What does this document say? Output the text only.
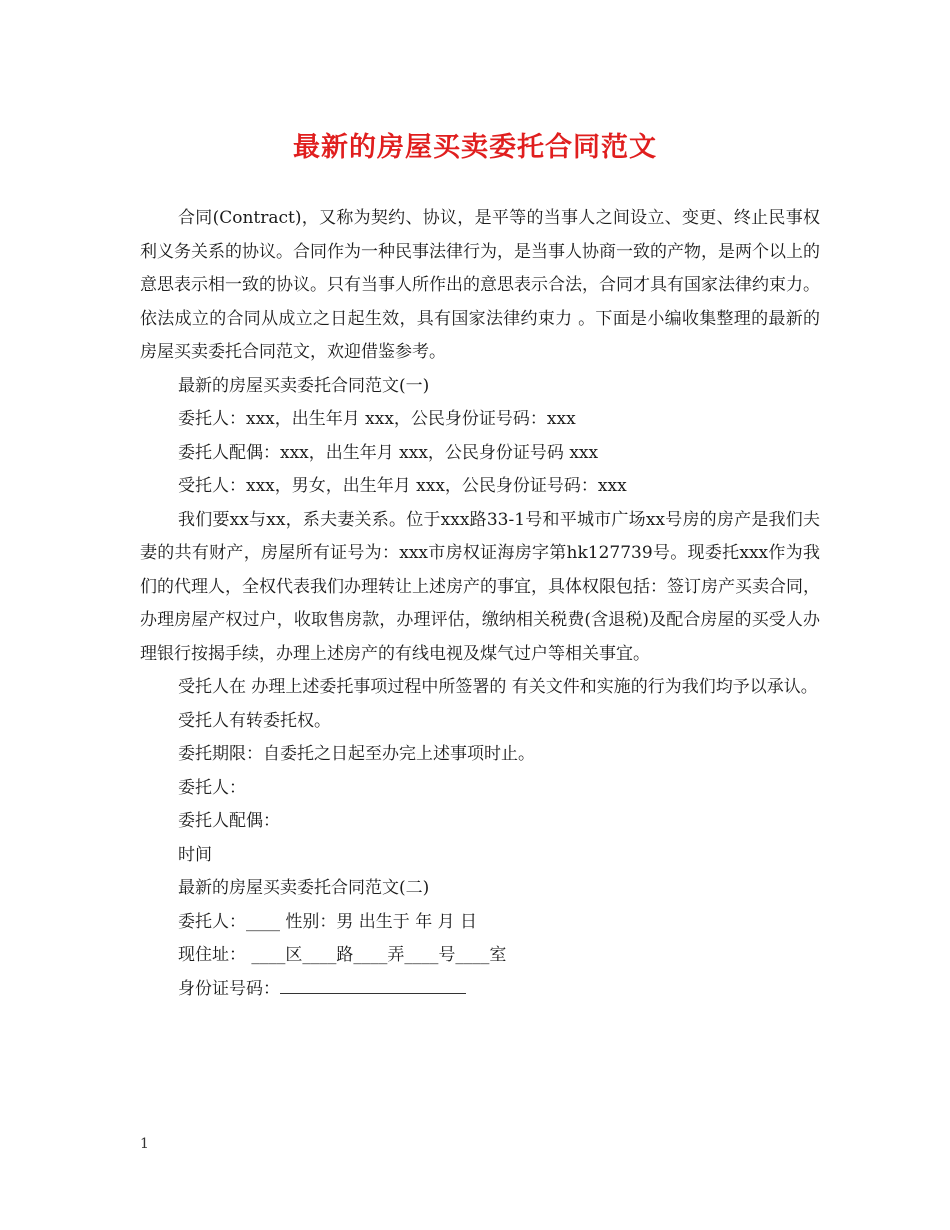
最新的房屋买卖委托合同范文

合同(Contract)，又称为契约、协议，是平等的当事人之间设立、变更、终止民事权利义务关系的协议。合同作为一种民事法律行为，是当事人协商一致的产物，是两个以上的意思表示相一致的协议。只有当事人所作出的意思表示合法，合同才具有国家法律约束力。依法成立的合同从成立之日起生效，具有国家法律约束力 。下面是小编收集整理的最新的房屋买卖委托合同范文，欢迎借鉴参考。

最新的房屋买卖委托合同范文(一)

委托人：xxx，出生年月 xxx，公民身份证号码：xxx

委托人配偶：xxx，出生年月 xxx，公民身份证号码 xxx

受托人：xxx，男女，出生年月 xxx，公民身份证号码：xxx

我们要xx与xx，系夫妻关系。位于xxx路33-1号和平城市广场xx号房的房产是我们夫妻的共有财产，房屋所有证号为：xxx市房权证海房字第hk127739号。现委托xxx作为我们的代理人，全权代表我们办理转让上述房产的事宜，具体权限包括：签订房产买卖合同，办理房屋产权过户，收取售房款，办理评估，缴纳相关税费(含退税)及配合房屋的买受人办理银行按揭手续，办理上述房产的有线电视及煤气过户等相关事宜。

受托人在 办理上述委托事项过程中所签署的 有关文件和实施的行为我们均予以承认。

受托人有转委托权。

委托期限：自委托之日起至办完上述事项时止。

委托人：

委托人配偶：

时间

最新的房屋买卖委托合同范文(二)

委托人：____ 性别：男 出生于 年 月 日

现住址： ____区____路____弄____号____室

身份证号码：

1
